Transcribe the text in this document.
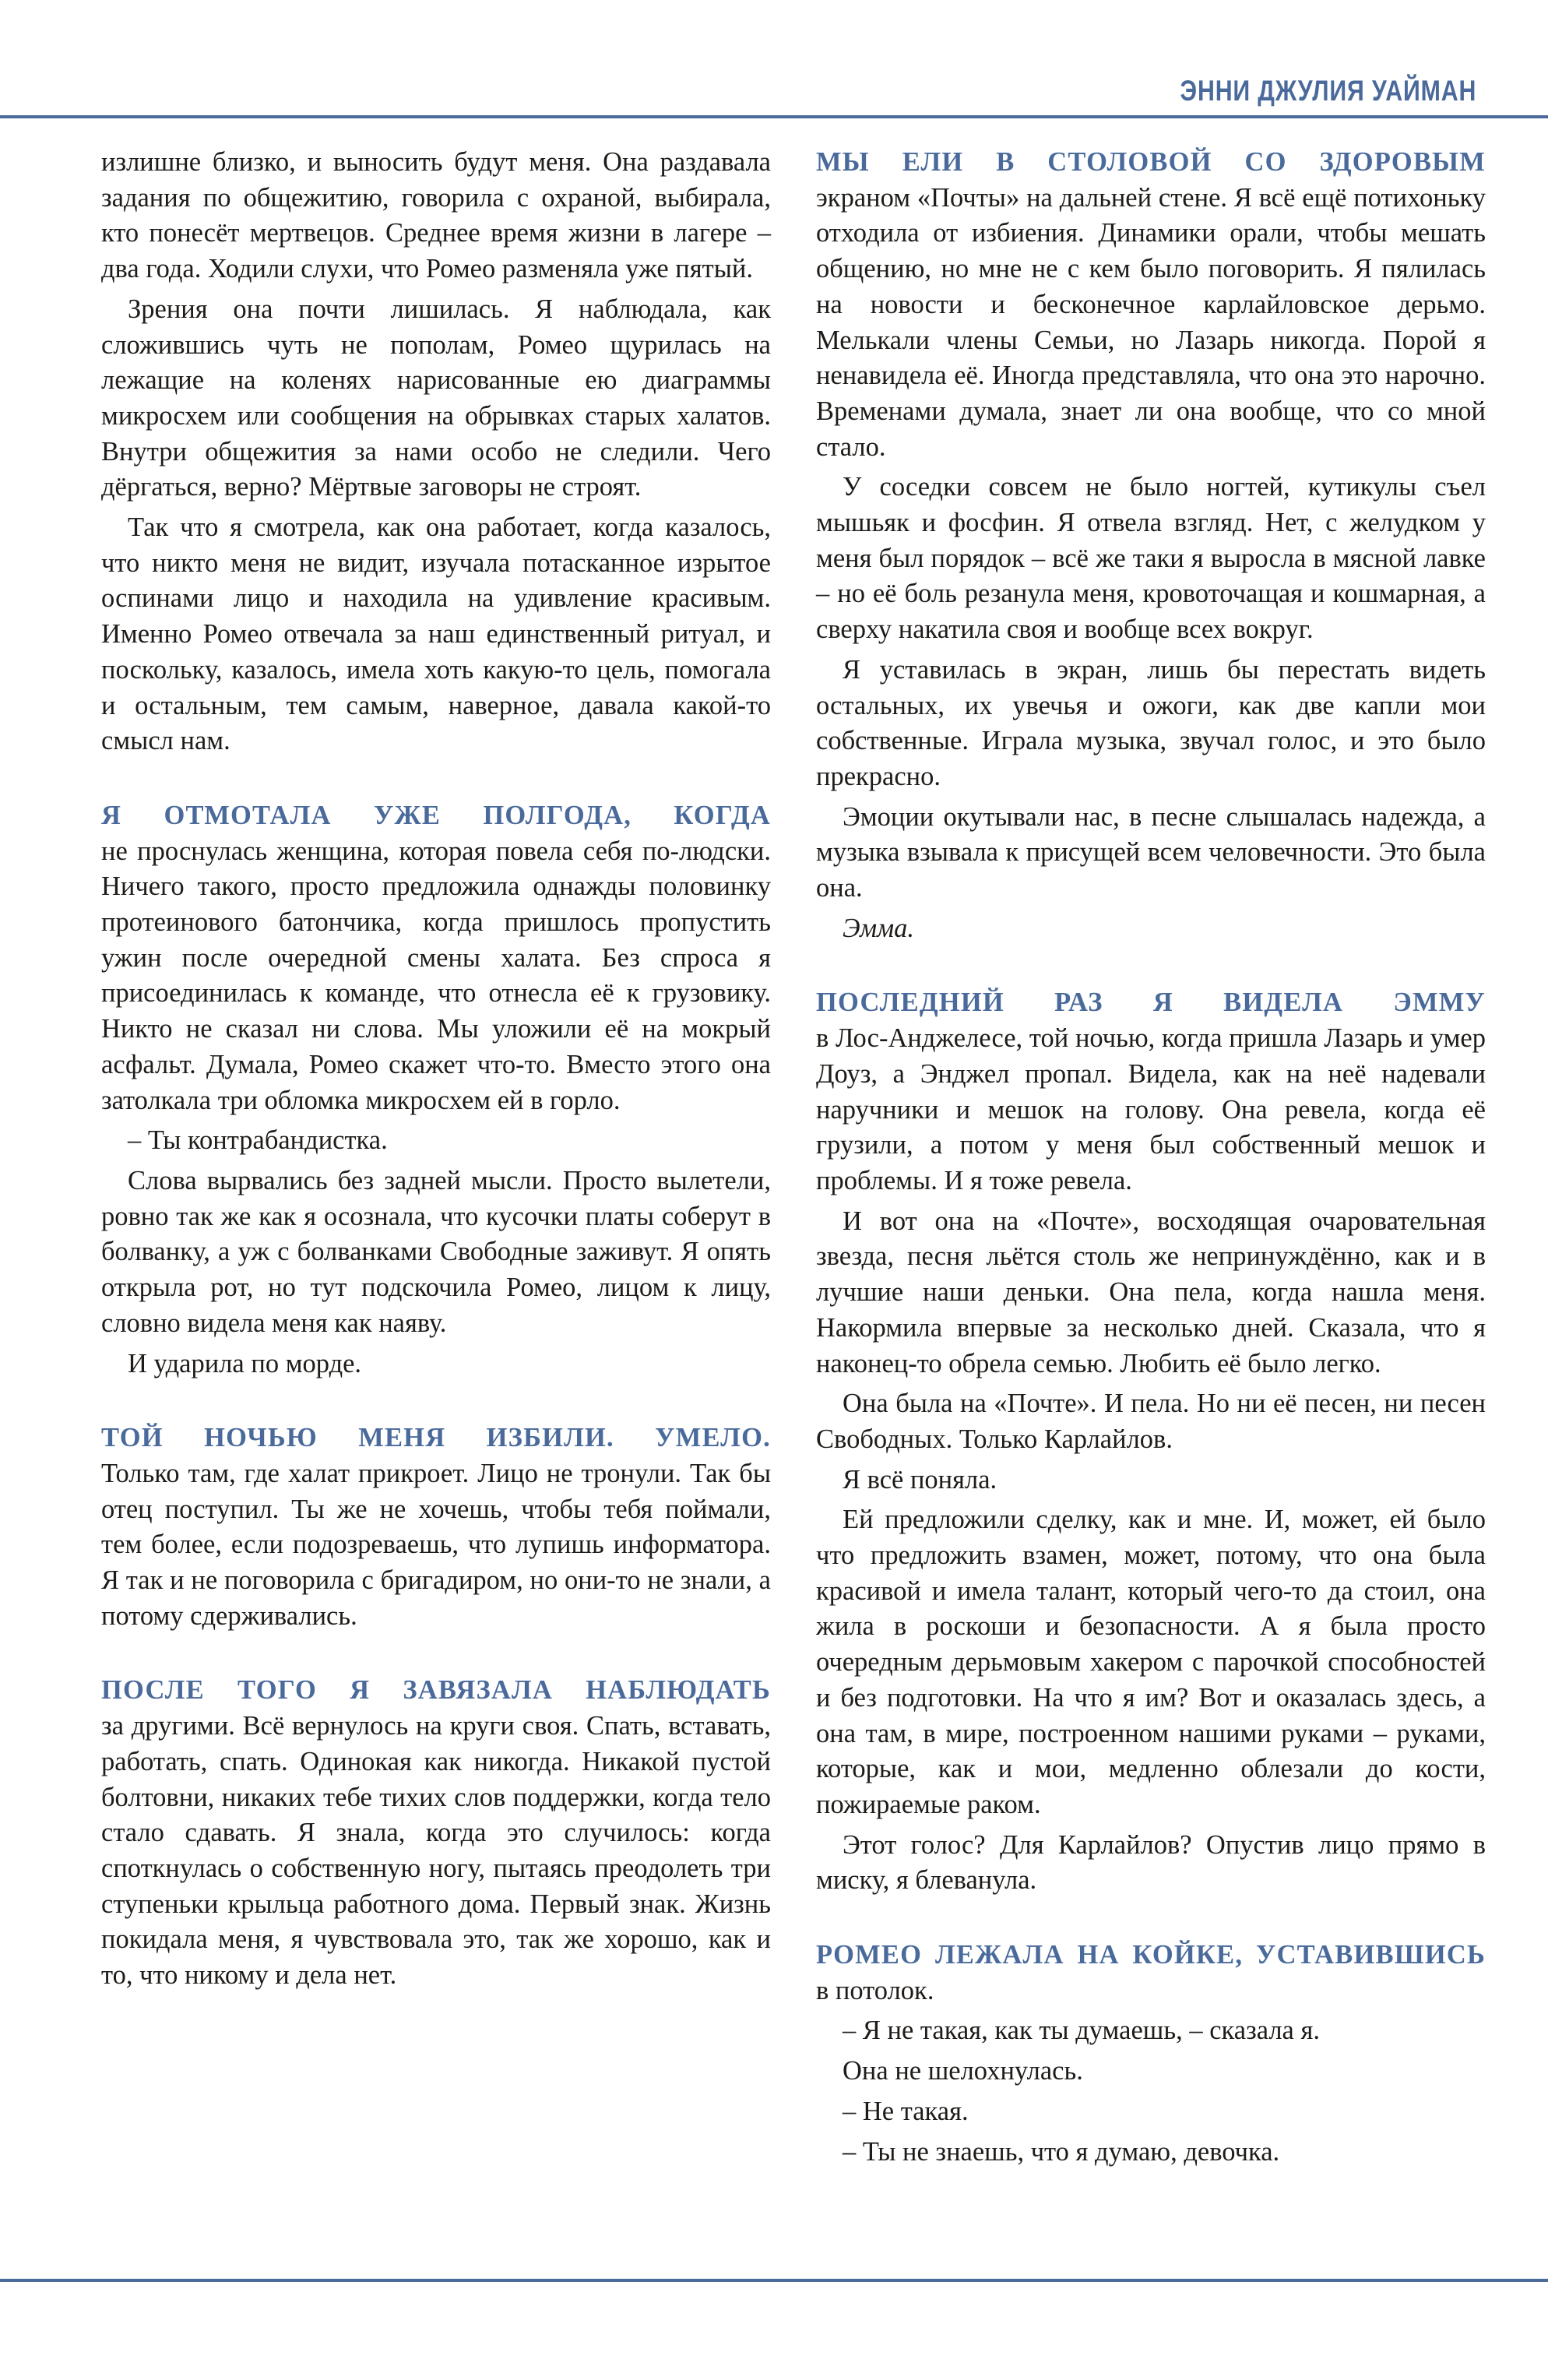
ЭННИ ДЖУЛИЯ УАЙМАН

излишне близко, и выносить будут меня. Она раздавала задания по общежитию, говорила с охраной, выбирала, кто понесёт мертвецов. Среднее время жизни в лагере – два года. Ходили слухи, что Ромео разменяла уже пятый.

Зрения она почти лишилась. Я наблюдала, как сложившись чуть не пополам, Ромео щурилась на лежащие на коленях нарисованные ею диаграммы микросхем или сообщения на обрывках старых халатов. Внутри общежития за нами особо не следили. Чего дёргаться, верно? Мёртвые заговоры не строят.

Так что я смотрела, как она работает, когда казалось, что никто меня не видит, изучала потасканное изрытое оспинами лицо и находила на удивление красивым. Именно Ромео отвечала за наш единственный ритуал, и поскольку, казалось, имела хоть какую-то цель, помогала и остальным, тем самым, наверное, давала какой-то смысл нам.

Я ОТМОТАЛА УЖЕ ПОЛГОДА, КОГДА

не проснулась женщина, которая повела себя по-людски. Ничего такого, просто предложила однажды половинку протеинового батончика, когда пришлось пропустить ужин после очередной смены халата. Без спроса я присоединилась к команде, что отнесла её к грузовику. Никто не сказал ни слова. Мы уложили её на мокрый асфальт. Думала, Ромео скажет что-то. Вместо этого она затолкала три обломка микросхем ей в горло.

– Ты контрабандистка.

Слова вырвались без задней мысли. Просто вылетели, ровно так же как я осознала, что кусочки платы соберут в болванку, а уж с болванками Свободные заживут. Я опять открыла рот, но тут подскочила Ромео, лицом к лицу, словно видела меня как наяву.

И ударила по морде.

ТОЙ НОЧЬЮ МЕНЯ ИЗБИЛИ. УМЕЛО.

Только там, где халат прикроет. Лицо не тронули. Так бы отец поступил. Ты же не хочешь, чтобы тебя поймали, тем более, если подозреваешь, что лупишь информатора. Я так и не поговорила с бригадиром, но они-то не знали, а потому сдерживались.

ПОСЛЕ ТОГО Я ЗАВЯЗАЛА НАБЛЮДАТЬ

за другими. Всё вернулось на круги своя. Спать, вставать, работать, спать. Одинокая как никогда. Никакой пустой болтовни, никаких тебе тихих слов поддержки, когда тело стало сдавать. Я знала, когда это случилось: когда споткнулась о собственную ногу, пытаясь преодолеть три ступеньки крыльца работного дома. Первый знак. Жизнь покидала меня, я чувствовала это, так же хорошо, как и то, что никому и дела нет.

МЫ ЕЛИ В СТОЛОВОЙ СО ЗДОРОВЫМ

экраном «Почты» на дальней стене. Я всё ещё потихоньку отходила от избиения. Динамики орали, чтобы мешать общению, но мне не с кем было поговорить. Я пялилась на новости и бесконечное карлайловское дерьмо. Мелькали члены Семьи, но Лазарь никогда. Порой я ненавидела её. Иногда представляла, что она это нарочно. Временами думала, знает ли она вообще, что со мной стало.

У соседки совсем не было ногтей, кутикулы съел мышьяк и фосфин. Я отвела взгляд. Нет, с желудком у меня был порядок – всё же таки я выросла в мясной лавке – но её боль резанула меня, кровоточащая и кошмарная, а сверху накатила своя и вообще всех вокруг.

Я уставилась в экран, лишь бы перестать видеть остальных, их увечья и ожоги, как две капли мои собственные. Играла музыка, звучал голос, и это было прекрасно.

Эмоции окутывали нас, в песне слышалась надежда, а музыка взывала к присущей всем человечности. Это была она.

Эмма.

ПОСЛЕДНИЙ РАЗ Я ВИДЕЛА ЭММУ

в Лос-Анджелесе, той ночью, когда пришла Лазарь и умер Доуз, а Энджел пропал. Видела, как на неё надевали наручники и мешок на голову. Она ревела, когда её грузили, а потом у меня был собственный мешок и проблемы. И я тоже ревела.

И вот она на «Почте», восходящая очаровательная звезда, песня льётся столь же непринуждённо, как и в лучшие наши деньки. Она пела, когда нашла меня. Накормила впервые за несколько дней. Сказала, что я наконец-то обрела семью. Любить её было легко.

Она была на «Почте». И пела. Но ни её песен, ни песен Свободных. Только Карлайлов.

Я всё поняла.

Ей предложили сделку, как и мне. И, может, ей было что предложить взамен, может, потому, что она была красивой и имела талант, который чего-то да стоил, она жила в роскоши и безопасности. А я была просто очередным дерьмовым хакером с парочкой способностей и без подготовки. На что я им? Вот и оказалась здесь, а она там, в мире, построенном нашими руками – руками, которые, как и мои, медленно облезали до кости, пожираемые раком.

Этот голос? Для Карлайлов? Опустив лицо прямо в миску, я блеванула.

РОМЕО ЛЕЖАЛА НА КОЙКЕ, УСТАВИВШИСЬ

в потолок.

– Я не такая, как ты думаешь, – сказала я.

Она не шелохнулась.

– Не такая.

– Ты не знаешь, что я думаю, девочка.
